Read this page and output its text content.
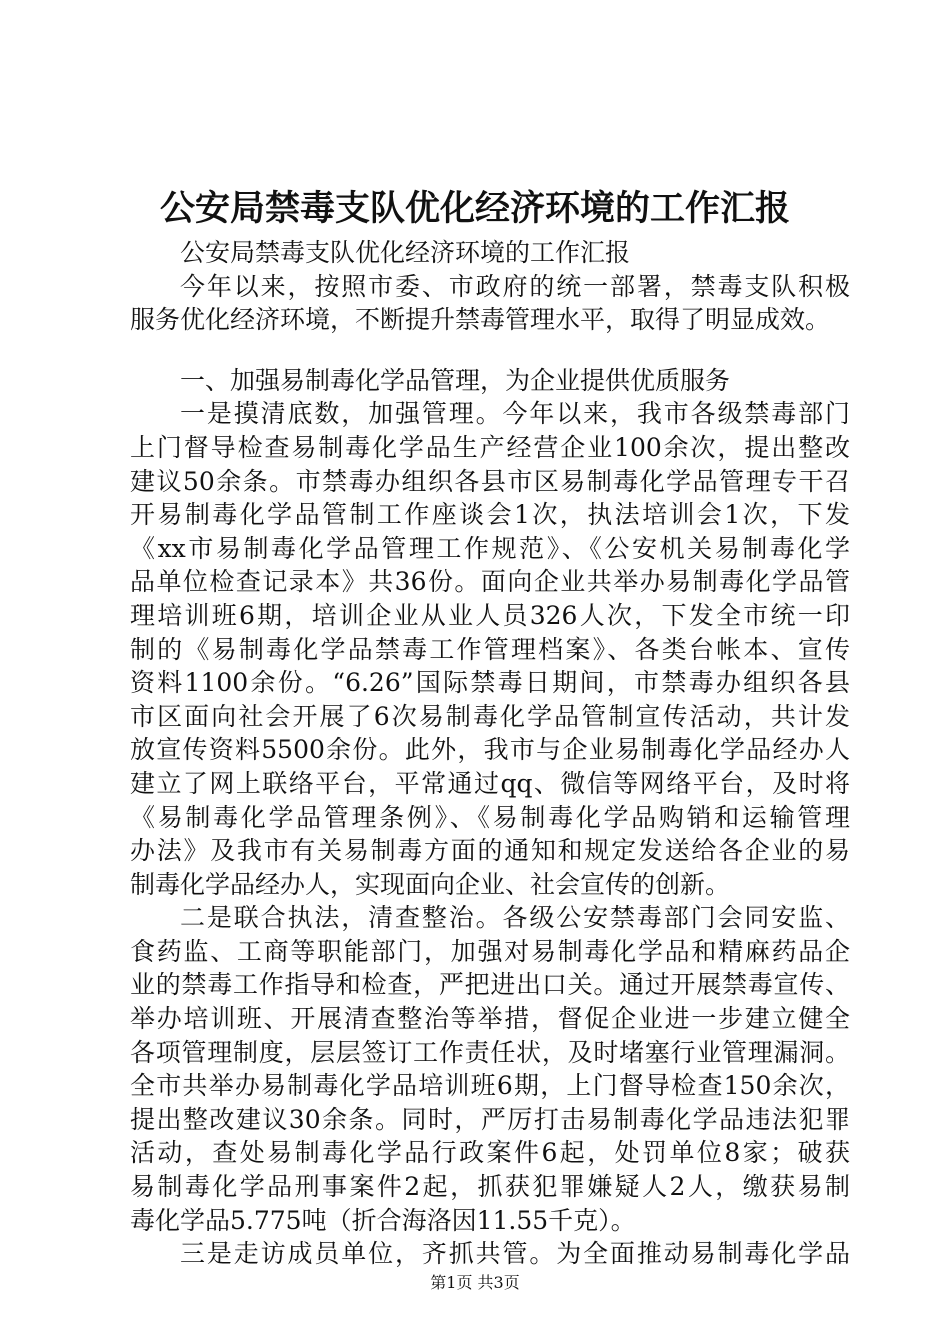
公安局禁毒支队优化经济环境的工作汇报
公安局禁毒支队优化经济环境的工作汇报
今年以来，按照市委、市政府的统一部署，禁毒支队积极
服务优化经济环境，不断提升禁毒管理水平，取得了明显成效。
一、加强易制毒化学品管理，为企业提供优质服务
一是摸清底数，加强管理。今年以来，我市各级禁毒部门
上门督导检查易制毒化学品生产经营企业100余次，提出整改
建议50余条。市禁毒办组织各县市区易制毒化学品管理专干召
开易制毒化学品管制工作座谈会1次，执法培训会1次，下发
《xx市易制毒化学品管理工作规范》、《公安机关易制毒化学
品单位检查记录本》共36份。面向企业共举办易制毒化学品管
理培训班6期，培训企业从业人员326人次，下发全市统一印
制的《易制毒化学品禁毒工作管理档案》、各类台帐本、宣传
资料1100余份。“6.26”国际禁毒日期间，市禁毒办组织各县
市区面向社会开展了6次易制毒化学品管制宣传活动，共计发
放宣传资料5500余份。此外，我市与企业易制毒化学品经办人
建立了网上联络平台，平常通过qq、微信等网络平台，及时将
《易制毒化学品管理条例》、《易制毒化学品购销和运输管理
办法》及我市有关易制毒方面的通知和规定发送给各企业的易
制毒化学品经办人，实现面向企业、社会宣传的创新。
二是联合执法，清查整治。各级公安禁毒部门会同安监、
食药监、工商等职能部门，加强对易制毒化学品和精麻药品企
业的禁毒工作指导和检查，严把进出口关。通过开展禁毒宣传、
举办培训班、开展清查整治等举措，督促企业进一步建立健全
各项管理制度，层层签订工作责任状，及时堵塞行业管理漏洞。
全市共举办易制毒化学品培训班6期，上门督导检查150余次，
提出整改建议30余条。同时，严厉打击易制毒化学品违法犯罪
活动，查处易制毒化学品行政案件6起，处罚单位8家；破获
易制毒化学品刑事案件2起，抓获犯罪嫌疑人2人，缴获易制
毒化学品5.775吨（折合海洛因11.55千克）。
三是走访成员单位，齐抓共管。为全面推动易制毒化学品
第1页 共3页
